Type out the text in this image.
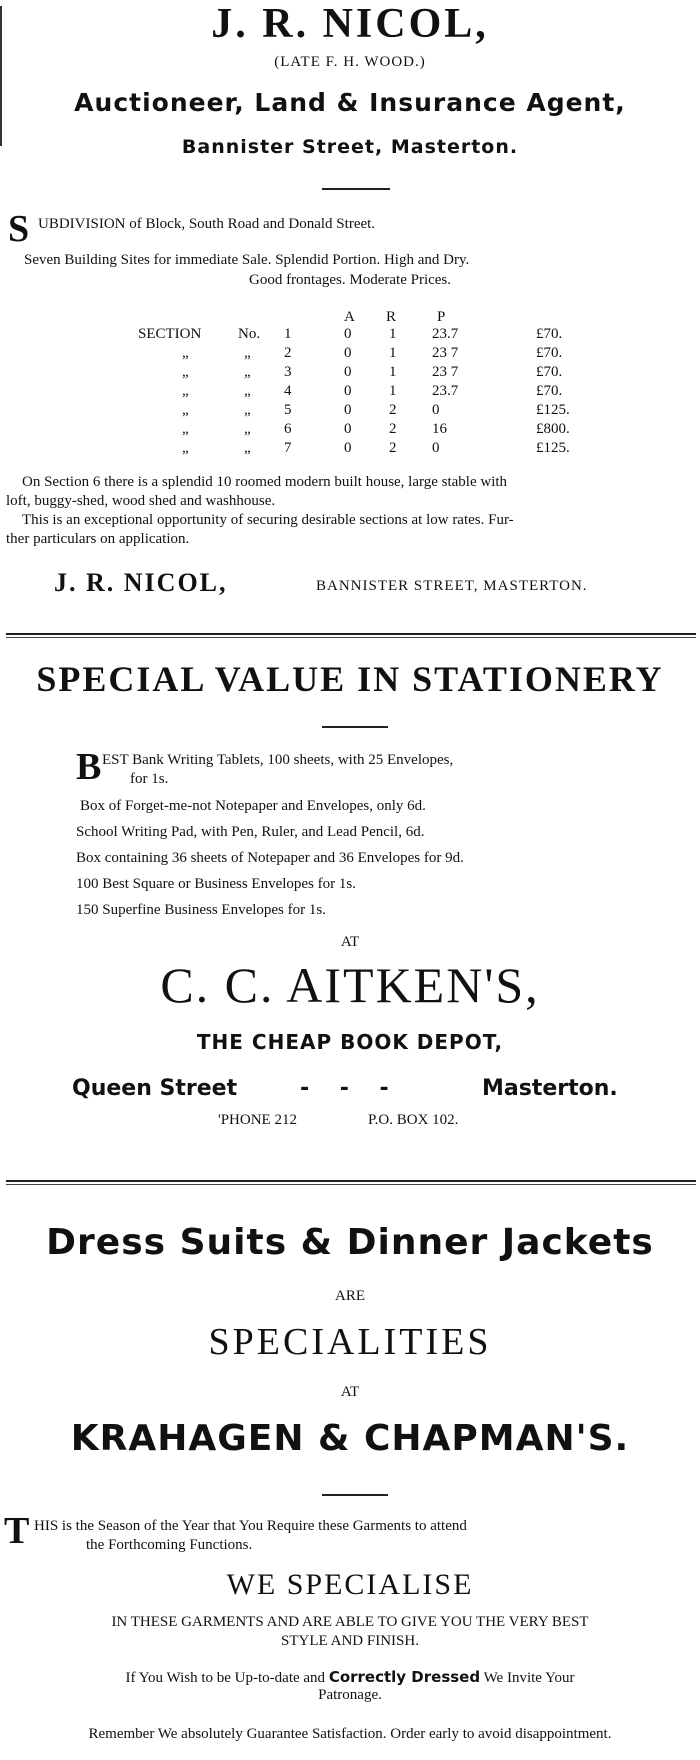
J. R. NICOL,
(LATE F. H. WOOD.)
Auctioneer, Land & Insurance Agent,
Bannister Street, Masterton.
S UBDIVISION of Block, South Road and Donald Street.
Seven Building Sites for immediate Sale. Splendid Portion. High and Dry.
Good frontages. Moderate Prices.
A R	P
SECTION No. 1	0	1 23.7	£70.
„	„ 2	0	1 23 7	£70.
„	„ 3	0	1 23 7	£70.
„	„ 4	0	1 23.7	£70.
„	„ 5	0	2 0	£125.
„	„ 6	0	2 16	£800.
„	„ 7	0	2 0	£125.
On Section 6 there is a splendid 10 roomed modern built house, large stable with
loft, buggy-shed, wood shed and washhouse.
This is an exceptional opportunity of securing desirable sections at low rates. Fur-
ther particulars on application.
J. R. NICOL,	BANNISTER STREET, MASTERTON.
SPECIAL VALUE IN STATIONERY
B EST Bank Writing Tablets, 100 sheets, with 25 Envelopes,
for 1s.
Box of Forget-me-not Notepaper and Envelopes, only 6d.
School Writing Pad, with Pen, Ruler, and Lead Pencil, 6d.
Box containing 36 sheets of Notepaper and 36 Envelopes for 9d.
100 Best Square or Business Envelopes for 1s.
150 Superfine Business Envelopes for 1s.
AT
C. C. AITKEN'S,
THE CHEAP BOOK DEPOT,
Queen Street	-    -    -	Masterton.
'PHONE 212	P.O. BOX 102.
Dress Suits & Dinner Jackets
ARE
SPECIALITIES
AT
KRAHAGEN & CHAPMAN'S.
T HIS is the Season of the Year that You Require these Garments to attend
the Forthcoming Functions.
WE SPECIALISE
IN THESE GARMENTS AND ARE ABLE TO GIVE YOU THE VERY BEST
STYLE AND FINISH.
If You Wish to be Up-to-date and Correctly Dressed We Invite Your
Patronage.
Remember We absolutely Guarantee Satisfaction. Order early to avoid disappointment.
